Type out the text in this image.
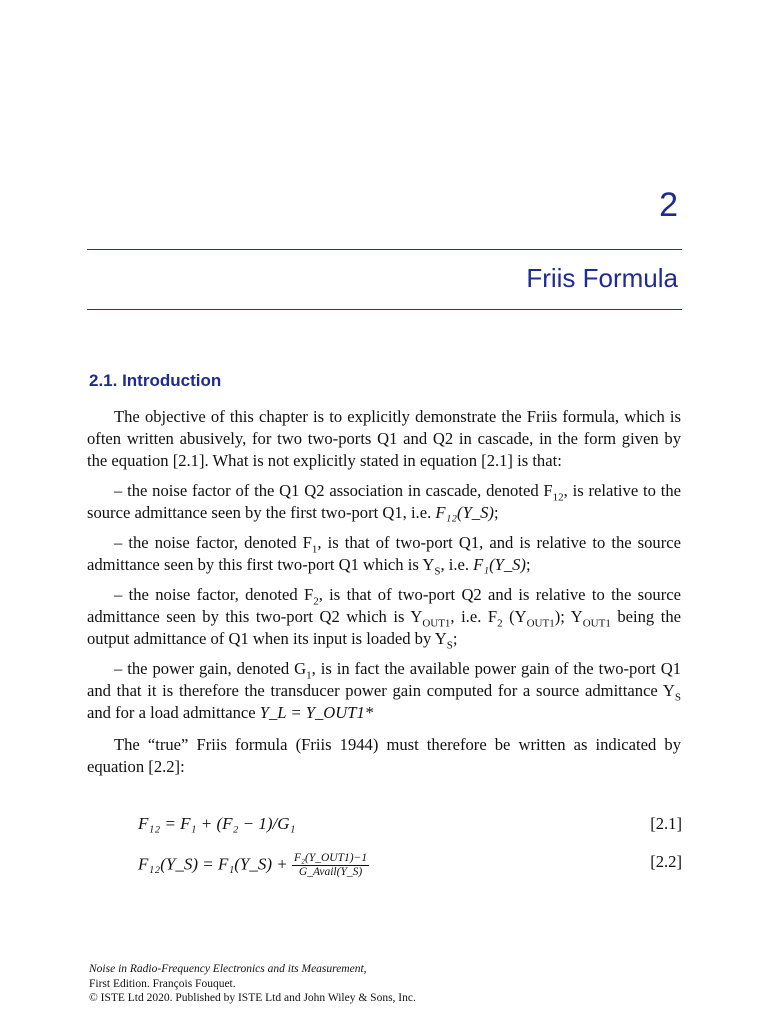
2
Friis Formula
2.1. Introduction

The objective of this chapter is to explicitly demonstrate the Friis formula, which is often written abusively, for two two-ports Q1 and Q2 in cascade, in the form given by the equation [2.1]. What is not explicitly stated in equation [2.1] is that:

– the noise factor of the Q1 Q2 association in cascade, denoted $F_{12}$, is relative to the source admittance seen by the first two-port Q1, i.e. F₁₂(Y_S);

– the noise factor, denoted $F_1$, is that of two-port Q1, and is relative to the source admittance seen by this first two-port Q1 which is $Y_S$, i.e. F₁(Y_S);

– the noise factor, denoted $F_2$, is that of two-port Q2 and is relative to the source admittance seen by this two-port Q2 which is $Y_{OUT1}$, i.e. $F_2$ $(Y_{OUT1})$; $Y_{OUT1}$ being the output admittance of Q1 when its input is loaded by $Y_S$;

– the power gain, denoted $G_1$, is in fact the available power gain of the two-port Q1 and that it is therefore the transducer power gain computed for a source admittance $Y_S$ and for a load admittance Y_L = Y_OUT1*

The “true” Friis formula (Friis 1944) must therefore be written as indicated by equation [2.2]:

F₁₂ = F₁ + (F₂ − 1)/G₁	[2.1]
F₁₂(Y_S) = F₁(Y_S) + $\frac{\text{F₂(Y\_OUT1)−1}}{\text{G\_Avail(Y\_S)}}$	[2.2]
Noise in Radio-Frequency Electronics and its Measurement,
First Edition. François Fouquet.
© ISTE Ltd 2020. Published by ISTE Ltd and John Wiley & Sons, Inc.
